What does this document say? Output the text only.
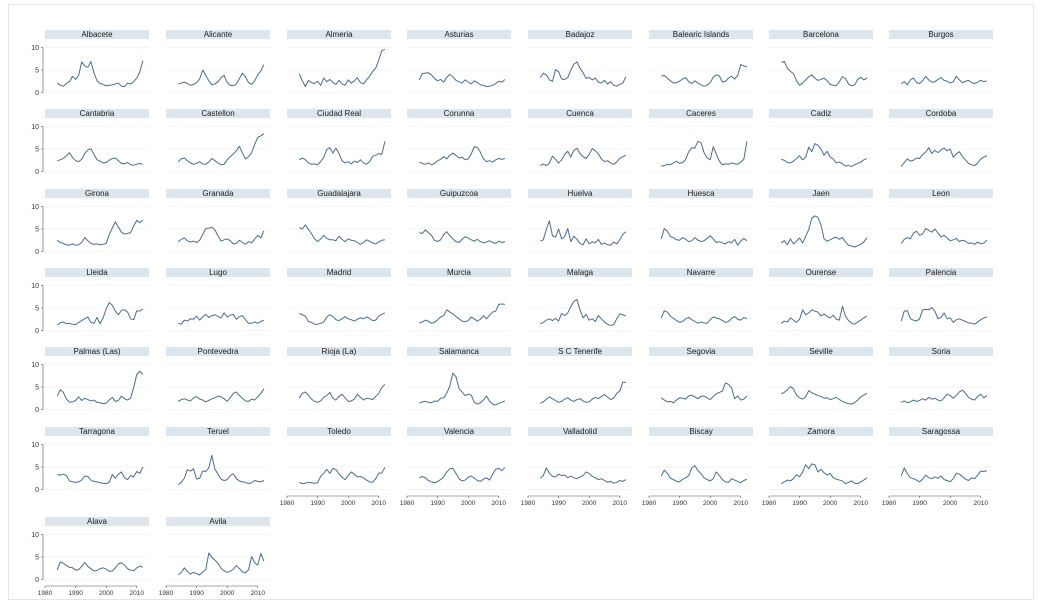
Albacete
0
5
10
Alicante	Almeria	Asturias	Badajoz	Balearic Islands	Barcelona	Burgos
Cantabria
0
5
10
Castellon	Ciudad Real	Corunna	Cuenca	Caceres	Cadiz	Cordoba
Girona
0
5
10
Granada	Guadalajara	Guipuzcoa	Huelva	Huesca	Jaen	Leon
Lleida
0
5
10
Lugo	Madrid	Murcia	Malaga	Navarre	Ourense	Palencia
Palmas (Las)
0
5
10
Pontevedra	Rioja (La)	Salamanca	S C Tenerife	Segovia	Seville	Soria
Tarragona
0
5
10
Teruel	Toledo
1980 1990 2000 2010
Valencia
1980 1990 2000 2010
Valladolid
1980 1990 2000 2010
Biscay
1980 1990 2000 2010
Zamora
1980 1990 2000 2010
Saragossa
1980 1990 2000 2010
Alava
0
5
10
1980 1990 2000 2010
Avila
1980 1990 2000 2010
